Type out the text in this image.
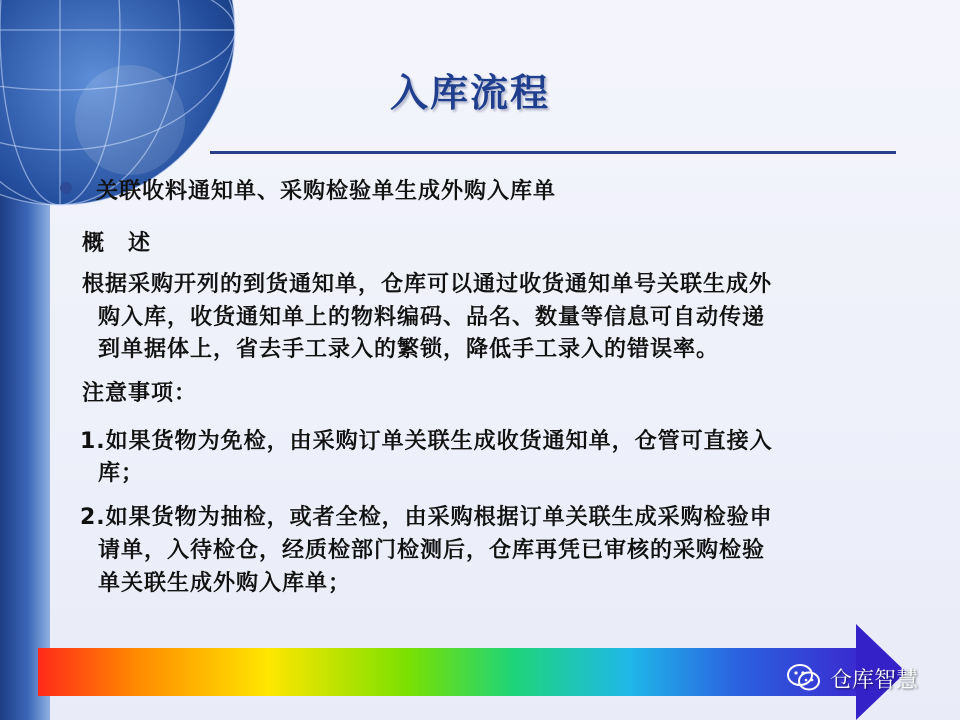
入库流程
关联收料通知单、采购检验单生成外购入库单
概　述
根据采购开列的到货通知单，仓库可以通过收货通知单号关联生成外
购入库，收货通知单上的物料编码、品名、数量等信息可自动传递
到单据体上，省去手工录入的繁锁，降低手工录入的错误率。
注意事项：
1.如果货物为免检，由采购订单关联生成收货通知单，仓管可直接入
库；
2.如果货物为抽检，或者全检，由采购根据订单关联生成采购检验申
请单，入待检仓，经质检部门检测后，仓库再凭已审核的采购检验
单关联生成外购入库单；
仓库智慧
